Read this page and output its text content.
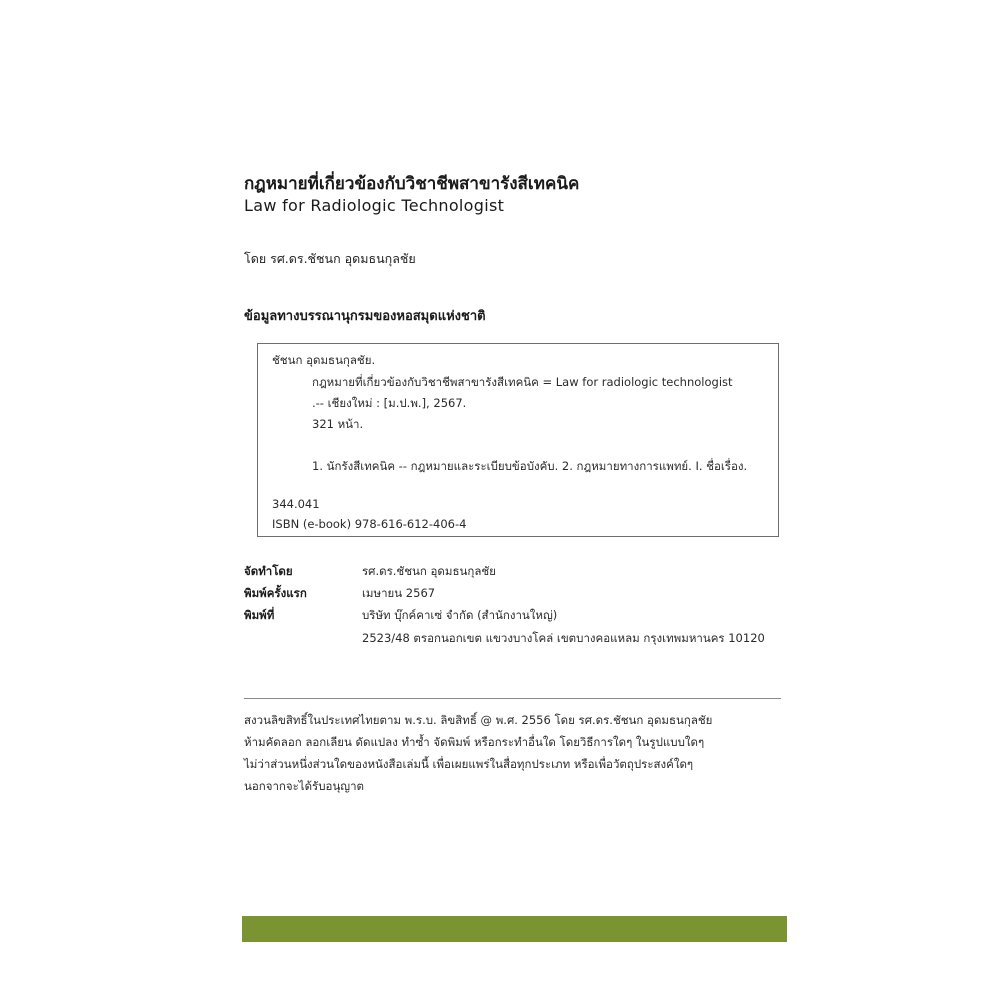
กฎหมายที่เกี่ยวข้องกับวิชาชีพสาขารังสีเทคนิค
Law for Radiologic Technologist
โดย รศ.ดร.ชัชนก อุดมธนกุลชัย
ข้อมูลทางบรรณานุกรมของหอสมุดแห่งชาติ
ชัชนก อุดมธนกุลชัย.
กฎหมายที่เกี่ยวข้องกับวิชาชีพสาขารังสีเทคนิค = Law for radiologic technologist
.-- เชียงใหม่ : [ม.ป.พ.], 2567.
321 หน้า.
1. นักรังสีเทคนิค -- กฎหมายและระเบียบข้อบังคับ. 2. กฎหมายทางการแพทย์. I. ชื่อเรื่อง.
344.041
ISBN (e-book) 978-616-612-406-4
จัดทำโดย	รศ.ดร.ชัชนก อุดมธนกุลชัย
พิมพ์ครั้งแรก	เมษายน 2567
พิมพ์ที่	บริษัท บุ๊กค์คาเซ่ จำกัด (สำนักงานใหญ่)
2523/48 ตรอกนอกเขต แขวงบางโคล่ เขตบางคอแหลม กรุงเทพมหานคร 10120
สงวนลิขสิทธิ์ในประเทศไทยตาม พ.ร.บ. ลิขสิทธิ์ @ พ.ศ. 2556 โดย รศ.ดร.ชัชนก อุดมธนกุลชัย
ห้ามคัดลอก ลอกเลียน ดัดแปลง ทำซ้ำ จัดพิมพ์ หรือกระทำอื่นใด โดยวิธีการใดๆ ในรูปแบบใดๆ
ไม่ว่าส่วนหนึ่งส่วนใดของหนังสือเล่มนี้ เพื่อเผยแพร่ในสื่อทุกประเภท หรือเพื่อวัตถุประสงค์ใดๆ
นอกจากจะได้รับอนุญาต
